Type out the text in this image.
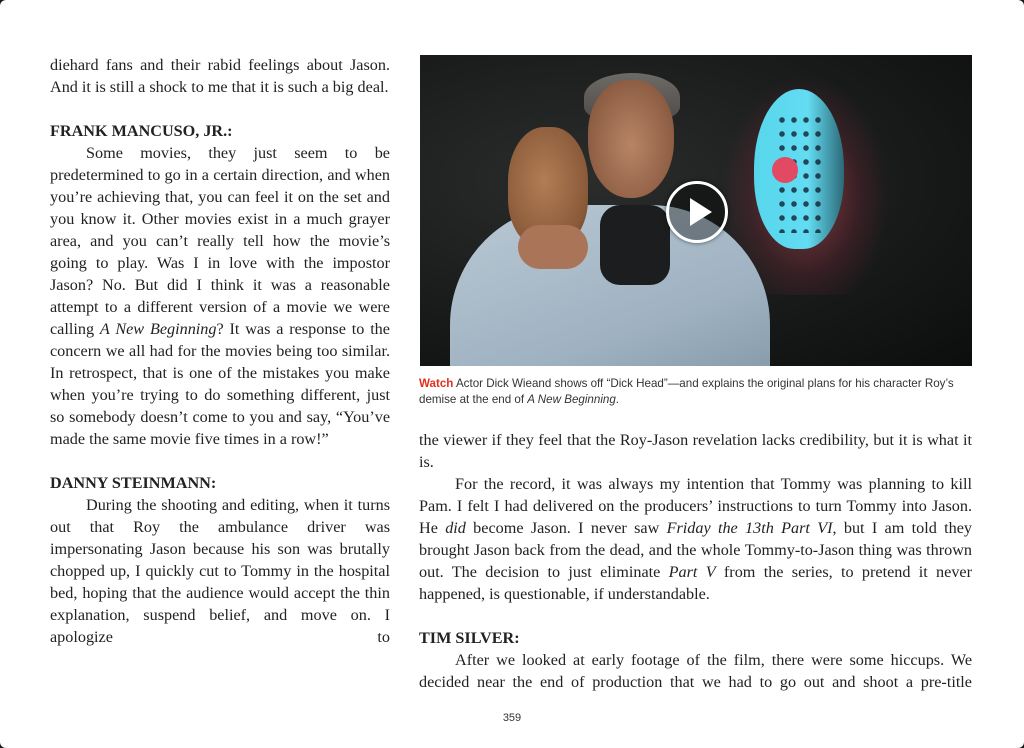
diehard fans and their rabid feelings about Jason. And it is still a shock to me that it is such a big deal.

FRANK MANCUSO, JR.:

Some movies, they just seem to be predetermined to go in a certain direction, and when you’re achieving that, you can feel it on the set and you know it. Other movies exist in a much grayer area, and you can’t really tell how the movie’s going to play. Was I in love with the impostor Jason? No. But did I think it was a reasonable attempt to a different version of a movie we were calling A New Beginning? It was a response to the concern we all had for the movies being too similar. In retrospect, that is one of the mistakes you make when you’re trying to do something different, just so somebody doesn’t come to you and say, “You’ve made the same movie five times in a row!”

DANNY STEINMANN:

During the shooting and editing, when it turns out that Roy the ambulance driver was impersonating Jason because his son was brutally chopped up, I quickly cut to Tommy in the hospital bed, hoping that the audience would accept the thin explanation, suspend belief, and move on. I apologize to

Watch Actor Dick Wieand shows off “Dick Head”—and explains the original plans for his character Roy’s demise at the end of A New Beginning.

the viewer if they feel that the Roy-Jason revelation lacks credibility, but it is what it is.

For the record, it was always my intention that Tommy was planning to kill Pam. I felt I had delivered on the producers’ instructions to turn Tommy into Jason. He did become Jason. I never saw Friday the 13th Part VI, but I am told they brought Jason back from the dead, and the whole Tommy-to-Jason thing was thrown out. The decision to just eliminate Part V from the series, to pretend it never happened, is questionable, if understandable.

TIM SILVER:

After we looked at early footage of the film, there were some hiccups. We decided near the end of production that we had to go out and shoot a pre-title

359
